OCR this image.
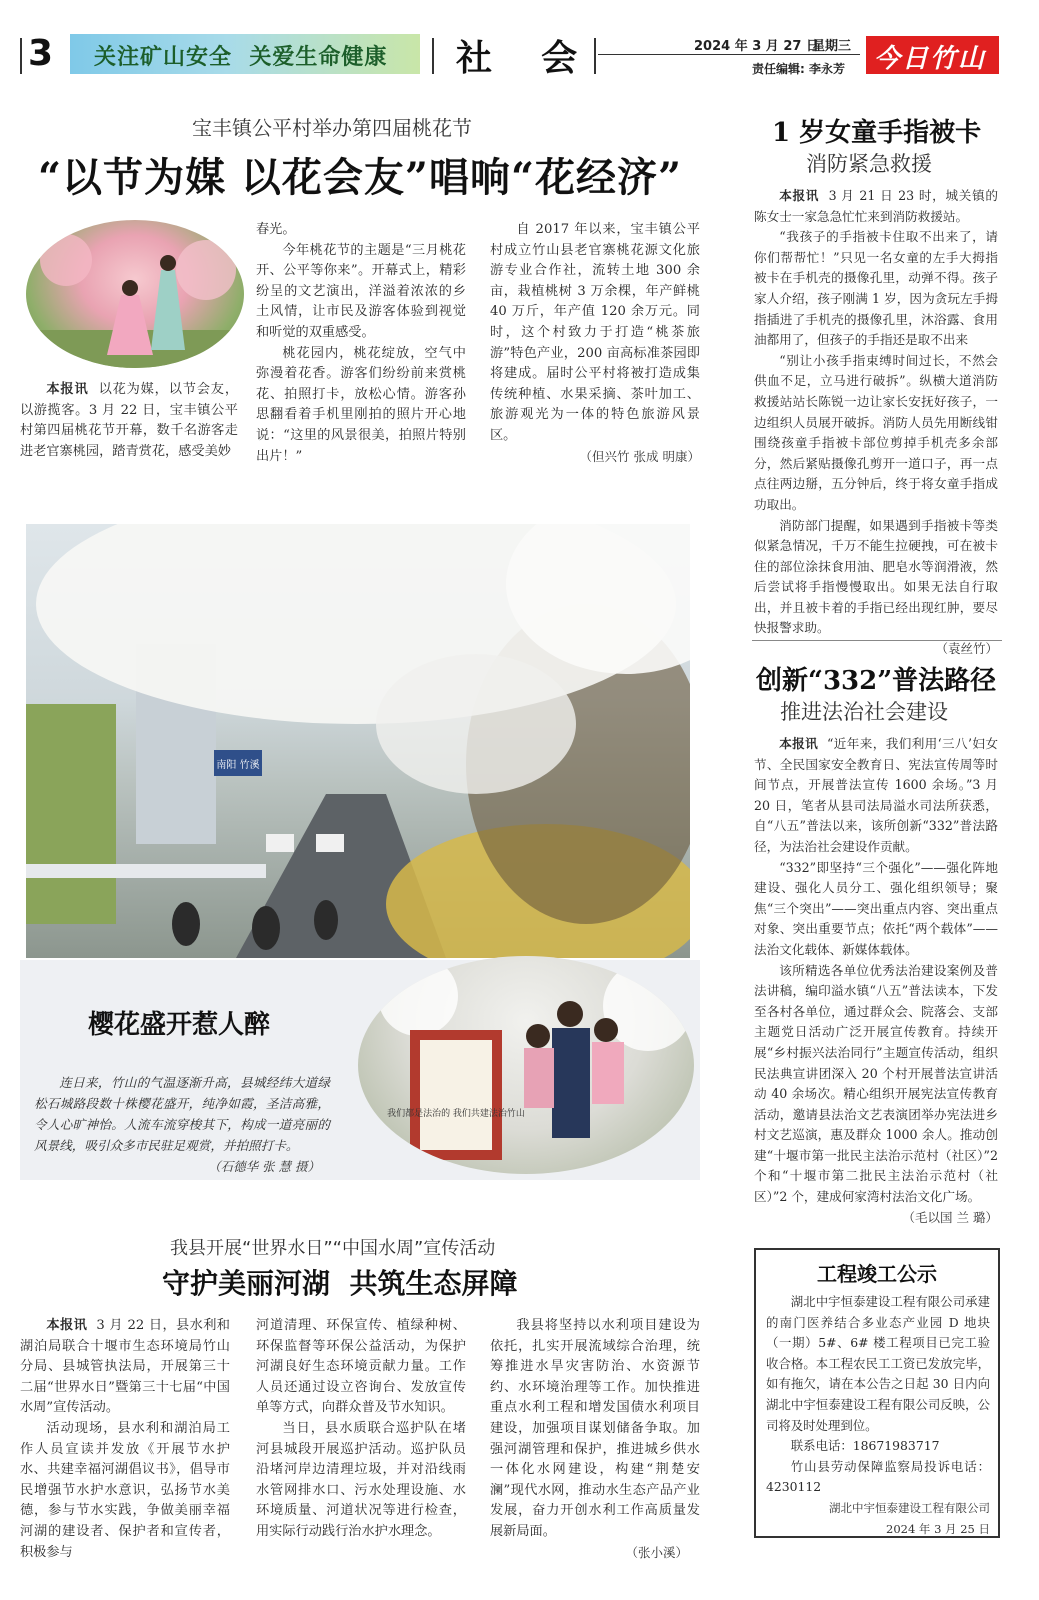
3 关注矿山安全  关爱生命健康 社  会	2024 年 3 月 27 日
星期三
责任编辑: 李永芳 今日竹山
宝丰镇公平村举办第四届桃花节
“以节为媒 以花会友”唱响“花经济”

本报讯 以花为媒，以节会友，以游揽客。3 月 22 日，宝丰镇公平村第四届桃花节开幕，数千名游客走进老官寨桃园，踏青赏花，感受美妙

春光。

今年桃花节的主题是“三月桃花开、公平等你来”。开幕式上，精彩纷呈的文艺演出，洋溢着浓浓的乡土风情，让市民及游客体验到视觉和听觉的双重感受。

桃花园内，桃花绽放，空气中弥漫着花香。游客们纷纷前来赏桃花、拍照打卡，放松心情。游客孙思翻看着手机里刚拍的照片开心地说：“这里的风景很美，拍照片特别出片！”

自 2017 年以来，宝丰镇公平村成立竹山县老官寨桃花源文化旅游专业合作社，流转土地 300 余亩，栽植桃树 3 万余棵，年产鲜桃 40 万斤，年产值 120 余万元。同时，这个村致力于打造“桃茶旅游”特色产业，200 亩高标准茶园即将建成。届时公平村将被打造成集传统种植、水果采摘、茶叶加工、旅游观光为一体的特色旅游风景区。

（但兴竹 张成 明康）
1 岁女童手指被卡
消防紧急救援

本报讯 3 月 21 日 23 时，城关镇的陈女士一家急急忙忙来到消防救援站。

“我孩子的手指被卡住取不出来了，请你们帮帮忙！”只见一名女童的左手大拇指被卡在手机壳的摄像孔里，动弹不得。孩子家人介绍，孩子刚满 1 岁，因为贪玩左手拇指插进了手机壳的摄像孔里，沐浴露、食用油都用了，但孩子的手指还是取不出来

“别让小孩手指束缚时间过长，不然会供血不足，立马进行破拆”。纵横大道消防救援站站长陈锐一边让家长安抚好孩子，一边组织人员展开破拆。消防人员先用断线钳围绕孩童手指被卡部位剪掉手机壳多余部分，然后紧贴摄像孔剪开一道口子，再一点点往两边掰，五分钟后，终于将女童手指成功取出。

消防部门提醒，如果遇到手指被卡等类似紧急情况，千万不能生拉硬拽，可在被卡住的部位涂抹食用油、肥皂水等润滑液，然后尝试将手指慢慢取出。如果无法自行取出，并且被卡着的手指已经出现红肿，要尽快报警求助。

（袁丝竹）
创新“332”普法路径
推进法治社会建设

本报讯 “近年来，我们利用‘三八’妇女节、全民国家安全教育日、宪法宣传周等时间节点，开展普法宣传 1600 余场。”3 月 20 日，笔者从县司法局溢水司法所获悉，自“八五”普法以来，该所创新“332”普法路径，为法治社会建设作贡献。

“332”即坚持“三个强化”——强化阵地建设、强化人员分工、强化组织领导；聚焦“三个突出”——突出重点内容、突出重点对象、突出重要节点；依托“两个载体”——法治文化载体、新媒体载体。

该所精选各单位优秀法治建设案例及普法讲稿，编印溢水镇“八五”普法读本，下发至各村各单位，通过群众会、院落会、支部主题党日活动广泛开展宣传教育。持续开展“乡村振兴法治同行”主题宣传活动，组织民法典宣讲团深入 20 个村开展普法宣讲活动 40 余场次。精心组织开展宪法宣传教育活动，邀请县法治文艺表演团举办宪法进乡村文艺巡演，惠及群众 1000 余人。推动创建“十堰市第一批民主法治示范村（社区）”2 个和“十堰市第二批民主法治示范村（社区）”2 个，建成何家湾村法治文化广场。

（毛以国 兰 璐）
南阳 竹溪
樱花盛开惹人醉

连日来，竹山的气温逐渐升高，县城经纬大道绿松石城路段数十株樱花盛开，纯净如霞，圣洁高雅，令人心旷神怡。人流车流穿梭其下，构成一道亮丽的风景线，吸引众多市民驻足观赏，并拍照打卡。

（石德华 张 慧 摄）
我们都是法治的 我们共建法治竹山
我县开展“世界水日”“中国水周”宣传活动
守护美丽河湖  共筑生态屏障

本报讯 3 月 22 日，县水利和湖泊局联合十堰市生态环境局竹山分局、县城管执法局，开展第三十二届“世界水日”暨第三十七届“中国水周”宣传活动。

活动现场，县水利和湖泊局工作人员宣读并发放《开展节水护水、共建幸福河湖倡议书》，倡导市民增强节水护水意识，弘扬节水美德，参与节水实践，争做美丽幸福河湖的建设者、保护者和宣传者，积极参与

河道清理、环保宣传、植绿种树、环保监督等环保公益活动，为保护河湖良好生态环境贡献力量。工作人员还通过设立咨询台、发放宣传单等方式，向群众普及节水知识。

当日，县水质联合巡护队在堵河县城段开展巡护活动。巡护队员沿堵河岸边清理垃圾，并对沿线雨水管网排水口、污水处理设施、水环境质量、河道状况等进行检查，用实际行动践行治水护水理念。

我县将坚持以水利项目建设为依托，扎实开展流域综合治理，统筹推进水旱灾害防治、水资源节约、水环境治理等工作。加快推进重点水利工程和增发国债水利项目建设，加强项目谋划储备争取。加强河湖管理和保护，推进城乡供水一体化水网建设，构建“荆楚安澜”现代水网，推动水生态产品产业发展，奋力开创水利工作高质量发展新局面。

（张小溪）
工程竣工公示

湖北中宇恒泰建设工程有限公司承建的南门医养结合多业态产业园 D 地块（一期）5#、6# 楼工程项目已完工验收合格。本工程农民工工资已发放完毕，如有拖欠，请在本公告之日起 30 日内向湖北中宇恒泰建设工程有限公司反映，公司将及时处理到位。

联系电话：18671983717

竹山县劳动保障监察局投诉电话：4230112

湖北中宇恒泰建设工程有限公司
2024 年 3 月 25 日
